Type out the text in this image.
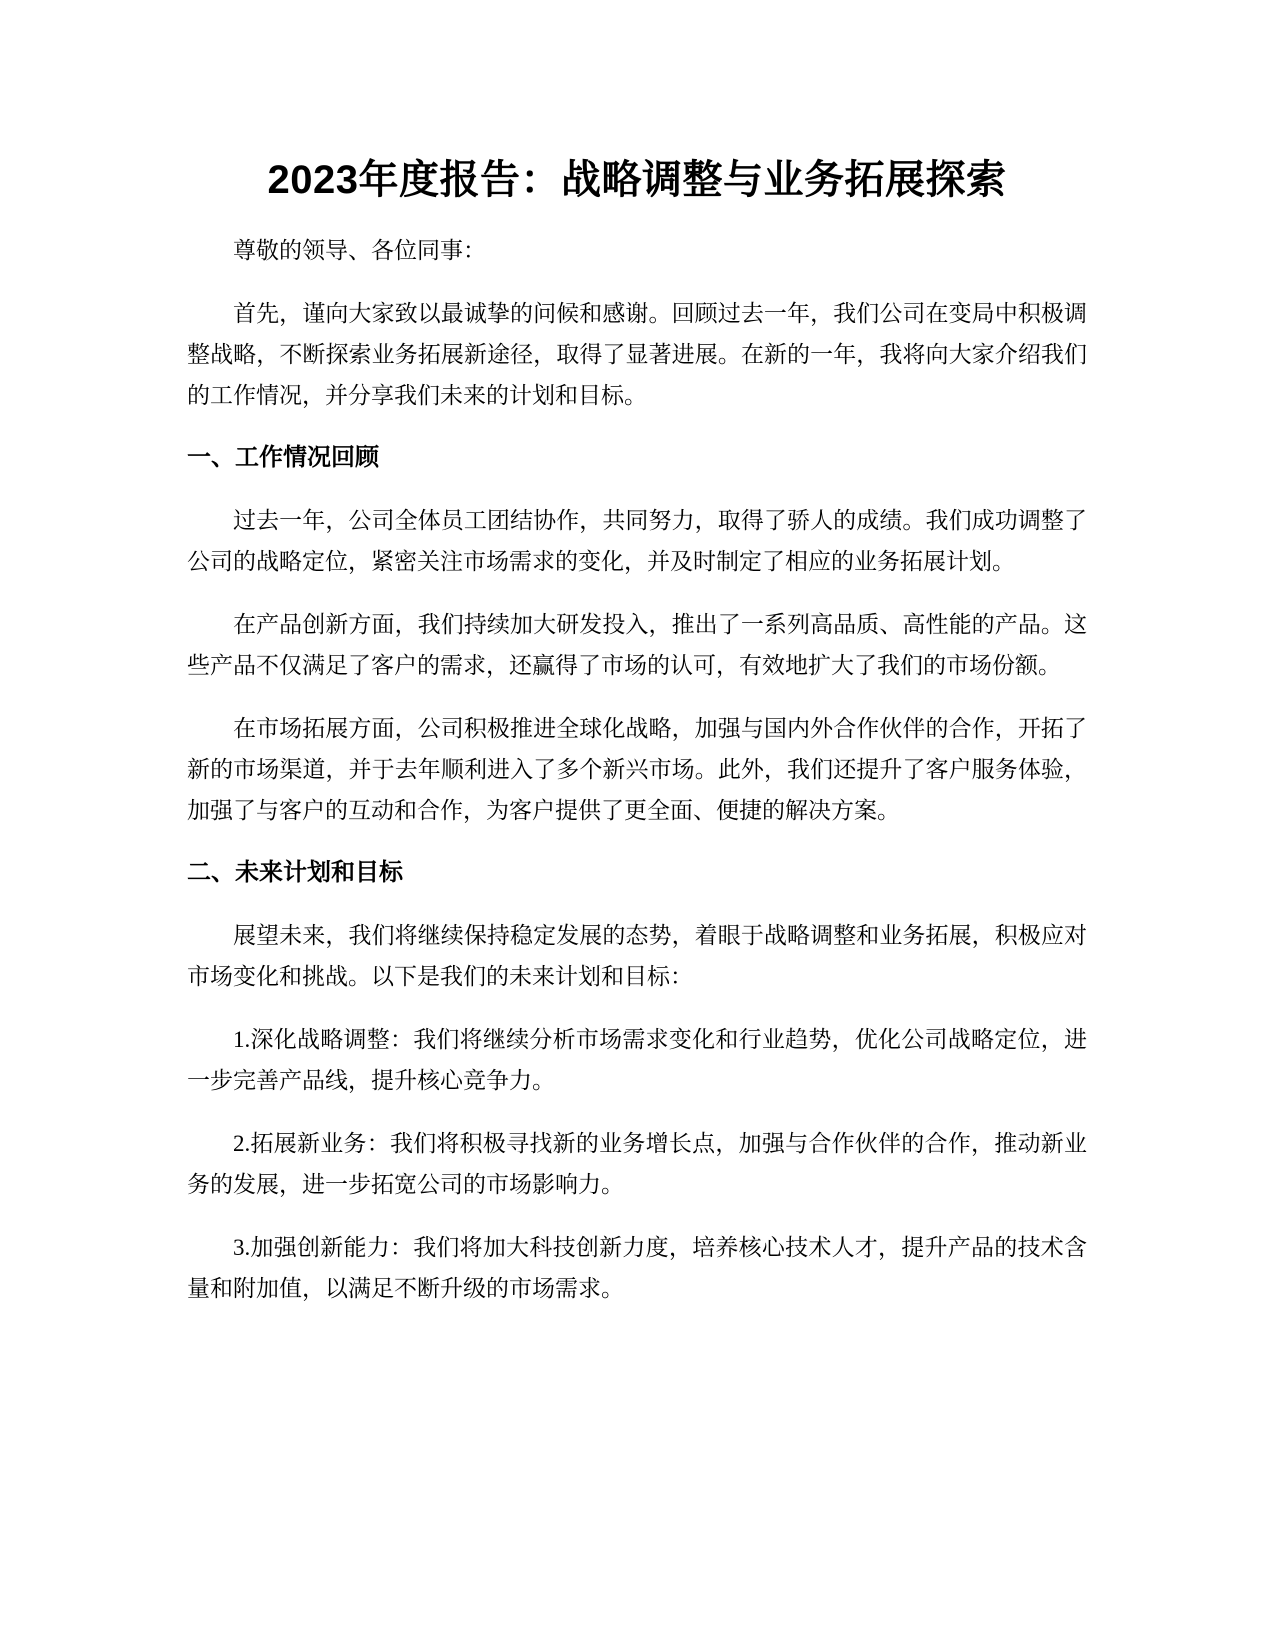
2023年度报告：战略调整与业务拓展探索

尊敬的领导、各位同事：

首先，谨向大家致以最诚挚的问候和感谢。回顾过去一年，我们公司在变局中积极调整战略，不断探索业务拓展新途径，取得了显著进展。在新的一年，我将向大家介绍我们的工作情况，并分享我们未来的计划和目标。

一、工作情况回顾

过去一年，公司全体员工团结协作，共同努力，取得了骄人的成绩。我们成功调整了公司的战略定位，紧密关注市场需求的变化，并及时制定了相应的业务拓展计划。

在产品创新方面，我们持续加大研发投入，推出了一系列高品质、高性能的产品。这些产品不仅满足了客户的需求，还赢得了市场的认可，有效地扩大了我们的市场份额。

在市场拓展方面，公司积极推进全球化战略，加强与国内外合作伙伴的合作，开拓了新的市场渠道，并于去年顺利进入了多个新兴市场。此外，我们还提升了客户服务体验，加强了与客户的互动和合作，为客户提供了更全面、便捷的解决方案。

二、未来计划和目标

展望未来，我们将继续保持稳定发展的态势，着眼于战略调整和业务拓展，积极应对市场变化和挑战。以下是我们的未来计划和目标：

1.深化战略调整：我们将继续分析市场需求变化和行业趋势，优化公司战略定位，进一步完善产品线，提升核心竞争力。

2.拓展新业务：我们将积极寻找新的业务增长点，加强与合作伙伴的合作，推动新业务的发展，进一步拓宽公司的市场影响力。

3.加强创新能力：我们将加大科技创新力度，培养核心技术人才，提升产品的技术含量和附加值，以满足不断升级的市场需求。
